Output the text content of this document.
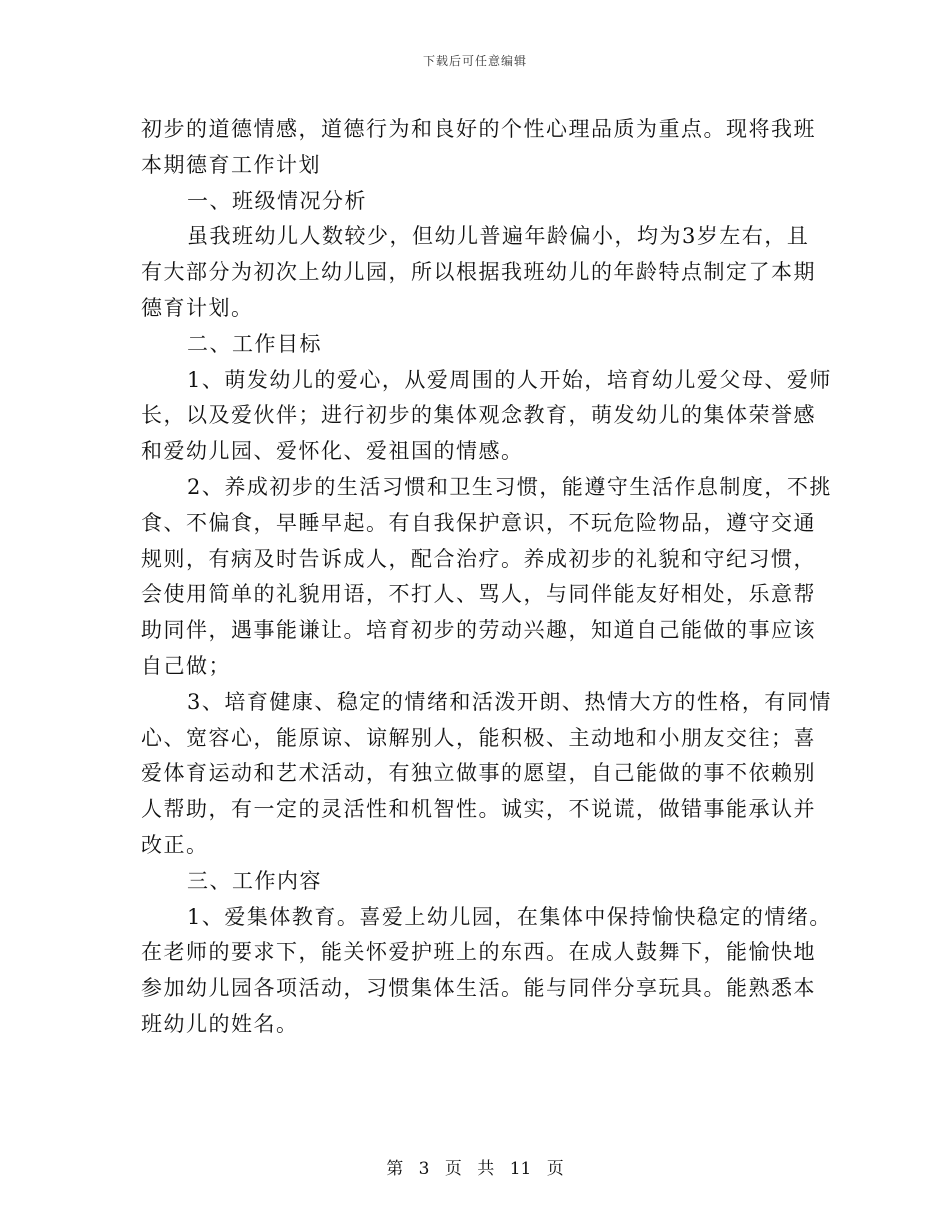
下载后可任意编辑
初步的道德情感，道德行为和良好的个性心理品质为重点。现将我班
本期德育工作计划
一、班级情况分析
虽我班幼儿人数较少，但幼儿普遍年龄偏小，均为3岁左右，且
有大部分为初次上幼儿园，所以根据我班幼儿的年龄特点制定了本期
德育计划。
二、工作目标
1、萌发幼儿的爱心，从爱周围的人开始，培育幼儿爱父母、爱师
长，以及爱伙伴；进行初步的集体观念教育，萌发幼儿的集体荣誉感
和爱幼儿园、爱怀化、爱祖国的情感。
2、养成初步的生活习惯和卫生习惯，能遵守生活作息制度，不挑
食、不偏食，早睡早起。有自我保护意识，不玩危险物品，遵守交通
规则，有病及时告诉成人，配合治疗。养成初步的礼貌和守纪习惯，
会使用简单的礼貌用语，不打人、骂人，与同伴能友好相处，乐意帮
助同伴，遇事能谦让。培育初步的劳动兴趣，知道自己能做的事应该
自己做；
3、培育健康、稳定的情绪和活泼开朗、热情大方的性格，有同情
心、宽容心，能原谅、谅解别人，能积极、主动地和小朋友交往；喜
爱体育运动和艺术活动，有独立做事的愿望，自己能做的事不依赖别
人帮助，有一定的灵活性和机智性。诚实，不说谎，做错事能承认并
改正。
三、工作内容
1、爱集体教育。喜爱上幼儿园，在集体中保持愉快稳定的情绪。
在老师的要求下，能关怀爱护班上的东西。在成人鼓舞下，能愉快地
参加幼儿园各项活动，习惯集体生活。能与同伴分享玩具。能熟悉本
班幼儿的姓名。
第 3 页 共 11 页
